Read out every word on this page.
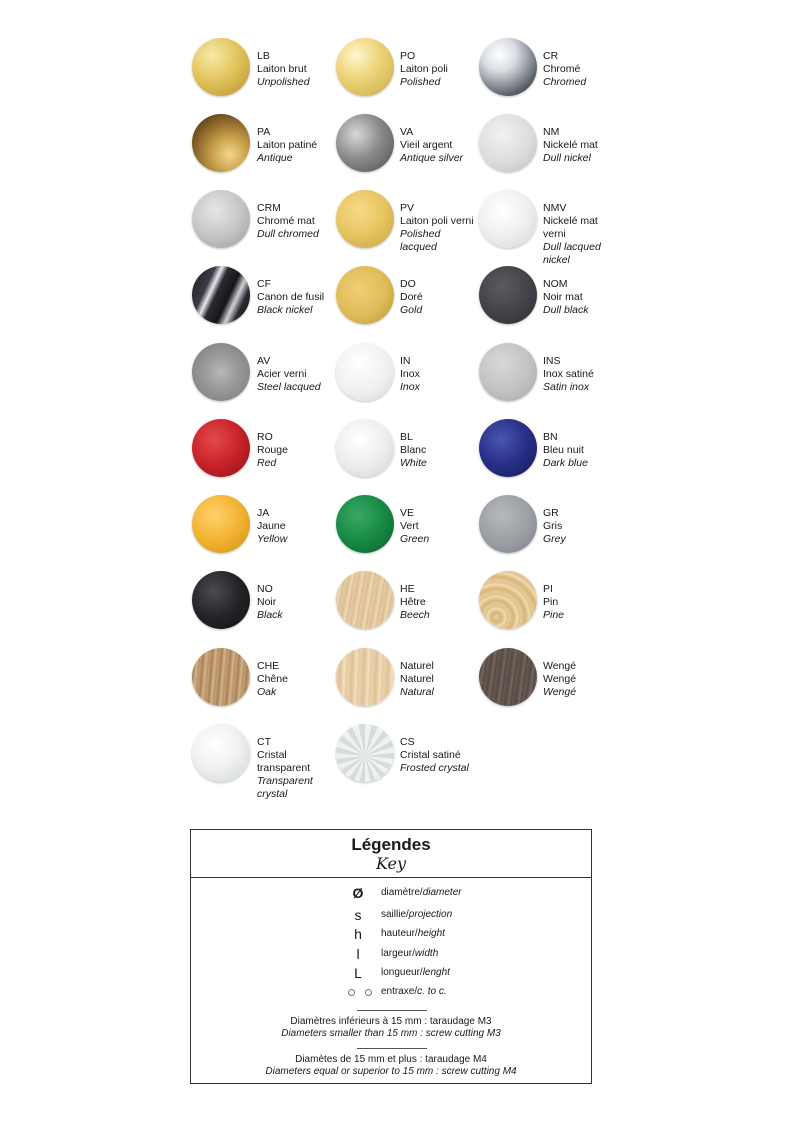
LB
Laiton brut
Unpolished
PO
Laiton poli
Polished
CR
Chromé
Chromed
PA
Laiton patiné
Antique
VA
Vieil argent
Antique silver
NM
Nickelé mat
Dull nickel
CRM
Chromé mat
Dull chromed
PV
Laiton poli verni
Polished
lacqued
NMV
Nickelé mat
verni
Dull lacqued
nickel
CF
Canon de fusil
Black nickel
DO
Doré
Gold
NOM
Noir mat
Dull black
AV
Acier verni
Steel lacqued
IN
Inox
Inox
INS
Inox satiné
Satin inox
RO
Rouge
Red
BL
Blanc
White
BN
Bleu nuit
Dark blue
JA
Jaune
Yellow
VE
Vert
Green
GR
Gris
Grey
NO
Noir
Black
HE
Hêtre
Beech
PI
Pin
Pine
CHE
Chêne
Oak
Naturel
Naturel
Natural
Wengé
Wengé
Wengé
CT
Cristal
transparent
Transparent
crystal
CS
Cristal satiné
Frosted crystal
Légendes
Key
Ø	diamètre/diameter
s	saillie/projection
h	hauteur/height
l	largeur/width
L	longueur/lenght
entraxe/c. to c.
Diamètres inférieurs à 15 mm : taraudage M3
Diameters smaller than 15 mm : screw cutting M3
Diamètes de 15 mm et plus : taraudage M4
Diameters equal or superior to 15 mm : screw cutting M4
